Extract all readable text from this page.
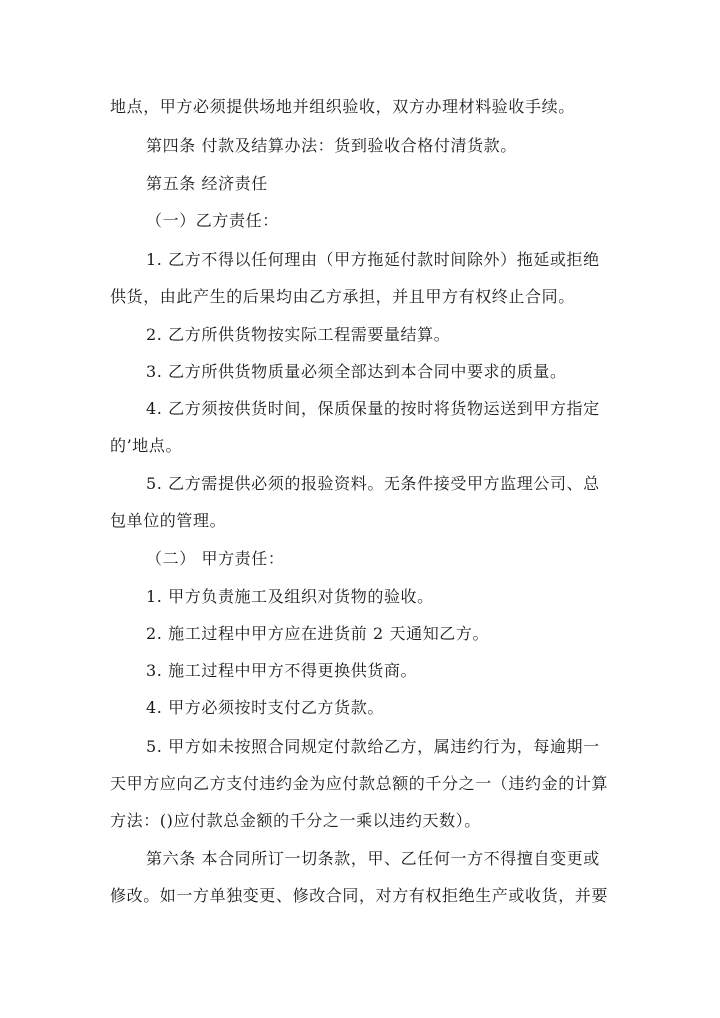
地点，甲方必须提供场地并组织验收，双方办理材料验收手续。
第四条 付款及结算办法：货到验收合格付清货款。
第五条 经济责任
（一）乙方责任：
1. 乙方不得以任何理由（甲方拖延付款时间除外）拖延或拒绝
供货，由此产生的后果均由乙方承担，并且甲方有权终止合同。
2. 乙方所供货物按实际工程需要量结算。
3. 乙方所供货物质量必须全部达到本合同中要求的质量。
4. 乙方须按供货时间，保质保量的按时将货物运送到甲方指定
的’地点。
5. 乙方需提供必须的报验资料。无条件接受甲方监理公司、总
包单位的管理。
（二） 甲方责任：
1. 甲方负责施工及组织对货物的验收。
2. 施工过程中甲方应在进货前 2 天通知乙方。
3. 施工过程中甲方不得更换供货商。
4. 甲方必须按时支付乙方货款。
5. 甲方如未按照合同规定付款给乙方，属违约行为，每逾期一
天甲方应向乙方支付违约金为应付款总额的千分之一（违约金的计算
方法：()应付款总金额的千分之一乘以违约天数）。
第六条 本合同所订一切条款，甲、乙任何一方不得擅自变更或
修改。如一方单独变更、修改合同，对方有权拒绝生产或收货，并要
